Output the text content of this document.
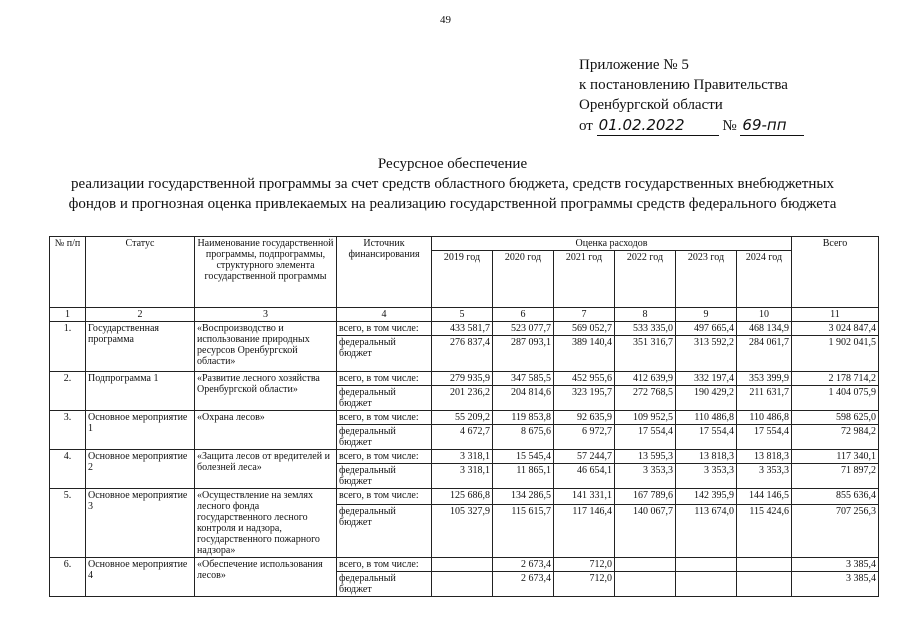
49
Приложение № 5
к постановлению Правительства
Оренбургской области
от 01.02.2022	№ 69-пп
Ресурсное обеспечение
реализации государственной программы за счет средств областного бюджета, средств государственных внебюджетных
фондов и прогнозная оценка привлекаемых на реализацию государственной программы средств федерального бюджета
№ п/п	Статус	Наименование государственной программы, подпрограммы, структурного элемента государственной программы	Источник финансирования	Оценка расходов						Всего
				2019 год	2020 год	2021 год	2022 год	2023 год	2024 год	
1	2	3	4	5	6	7	8	9	10	11
1.	Государственная программа	«Воспроизводство и использование природных ресурсов Оренбургской области»	всего, в том числе:	433 581,7	523 077,7	569 052,7	533 335,0	497 665,4	468 134,9	3 024 847,4
			федеральный бюджет	276 837,4	287 093,1	389 140,4	351 316,7	313 592,2	284 061,7	1 902 041,5
2.	Подпрограмма 1	«Развитие лесного хозяйства Оренбургской области»	всего, в том числе:	279 935,9	347 585,5	452 955,6	412 639,9	332 197,4	353 399,9	2 178 714,2
			федеральный бюджет	201 236,2	204 814,6	323 195,7	272 768,5	190 429,2	211 631,7	1 404 075,9
3.	Основное мероприятие 1	«Охрана лесов»	всего, в том числе:	55 209,2	119 853,8	92 635,9	109 952,5	110 486,8	110 486,8	598 625,0
			федеральный бюджет	4 672,7	8 675,6	6 972,7	17 554,4	17 554,4	17 554,4	72 984,2
4.	Основное мероприятие 2	«Защита лесов от вредителей и болезней леса»	всего, в том числе:	3 318,1	15 545,4	57 244,7	13 595,3	13 818,3	13 818,3	117 340,1
			федеральный бюджет	3 318,1	11 865,1	46 654,1	3 353,3	3 353,3	3 353,3	71 897,2
5.	Основное мероприятие 3	«Осуществление на землях лесного фонда государственного лесного контроля и надзора, государственного пожарного надзора»	всего, в том числе:	125 686,8	134 286,5	141 331,1	167 789,6	142 395,9	144 146,5	855 636,4
			федеральный бюджет	105 327,9	115 615,7	117 146,4	140 067,7	113 674,0	115 424,6	707 256,3
6.	Основное мероприятие 4	«Обеспечение использования лесов»	всего, в том числе:		2 673,4	712,0				3 385,4
			федеральный бюджет		2 673,4	712,0				3 385,4
